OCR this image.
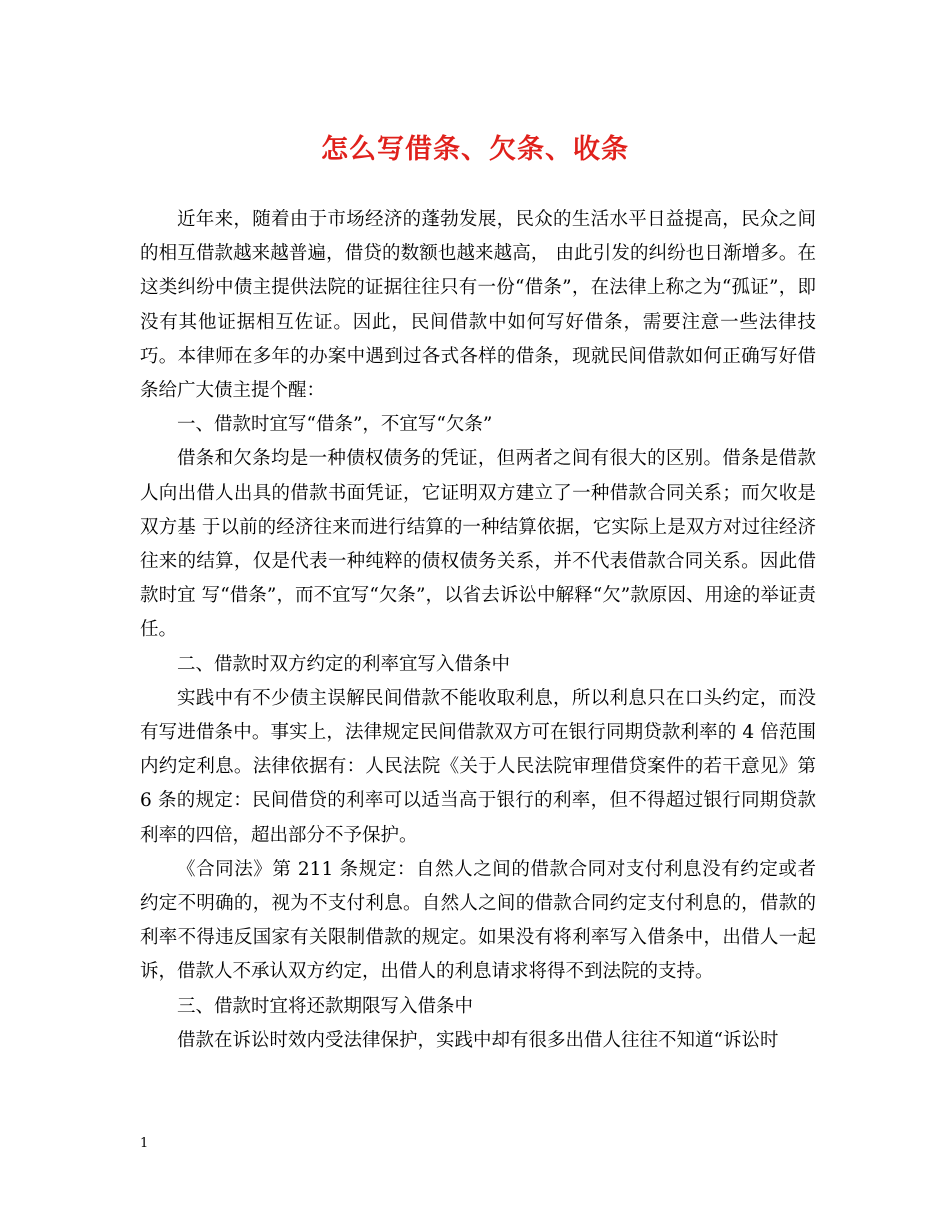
怎么写借条、欠条、收条

近年来，随着由于市场经济的蓬勃发展，民众的生活水平日益提高，民众之间的相互借款越来越普遍，借贷的数额也越来越高， 由此引发的纠纷也日渐增多。在这类纠纷中债主提供法院的证据往往只有一份“借条”，在法律上称之为“孤证”，即没有其他证据相互佐证。因此，民间借款中如何写好借条，需要注意一些法律技巧。本律师在多年的办案中遇到过各式各样的借条，现就民间借款如何正确写好借条给广大债主提个醒：

一、借款时宜写“借条”，不宜写“欠条”

借条和欠条均是一种债权债务的凭证，但两者之间有很大的区别。借条是借款人向出借人出具的借款书面凭证，它证明双方建立了一种借款合同关系；而欠收是双方基 于以前的经济往来而进行结算的一种结算依据，它实际上是双方对过往经济往来的结算，仅是代表一种纯粹的债权债务关系，并不代表借款合同关系。因此借款时宜 写“借条”，而不宜写“欠条”，以省去诉讼中解释“欠”款原因、用途的举证责任。

二、借款时双方约定的利率宜写入借条中

实践中有不少债主误解民间借款不能收取利息，所以利息只在口头约定，而没有写进借条中。事实上，法律规定民间借款双方可在银行同期贷款利率的 4 倍范围内约定利息。法律依据有：人民法院《关于人民法院审理借贷案件的若干意见》第 6 条的规定：民间借贷的利率可以适当高于银行的利率，但不得超过银行同期贷款利率的四倍，超出部分不予保护。

《合同法》第 211 条规定：自然人之间的借款合同对支付利息没有约定或者约定不明确的，视为不支付利息。自然人之间的借款合同约定支付利息的，借款的利率不得违反国家有关限制借款的规定。如果没有将利率写入借条中，出借人一起诉，借款人不承认双方约定，出借人的利息请求将得不到法院的支持。

三、借款时宜将还款期限写入借条中

借款在诉讼时效内受法律保护，实践中却有很多出借人往往不知道“诉讼时

1
